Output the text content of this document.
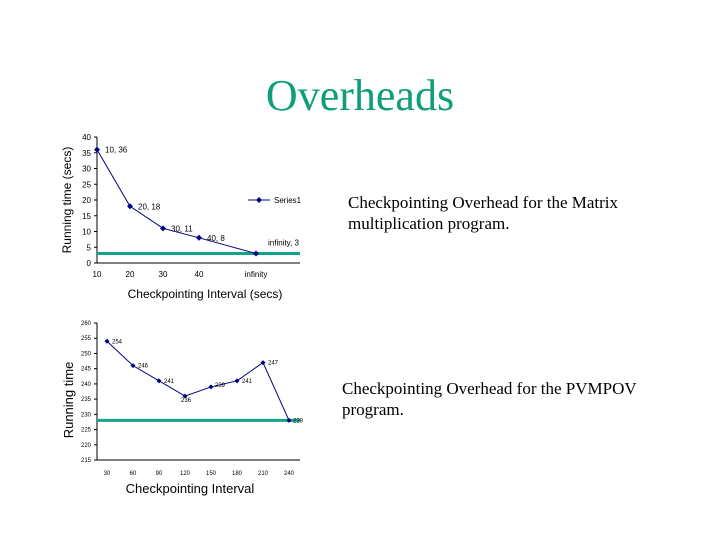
Overheads
Checkpointing Overhead for the Matrix multiplication program.
Checkpointing Overhead for the PVMPOV program.
0
5
10
15
20
25
30
35
40
10	20	30	40	infinity
10, 36
20, 18
30, 11
40, 8
infinity, 3
Series1
Checkpointing Interval (secs)
Running time (secs)
215
220
225
230
235
240
245
250
255
260
30	60	90	120	150	180	210	240
254
246
241
236
239
241
247
228
Checkpointing Interval
Running time
